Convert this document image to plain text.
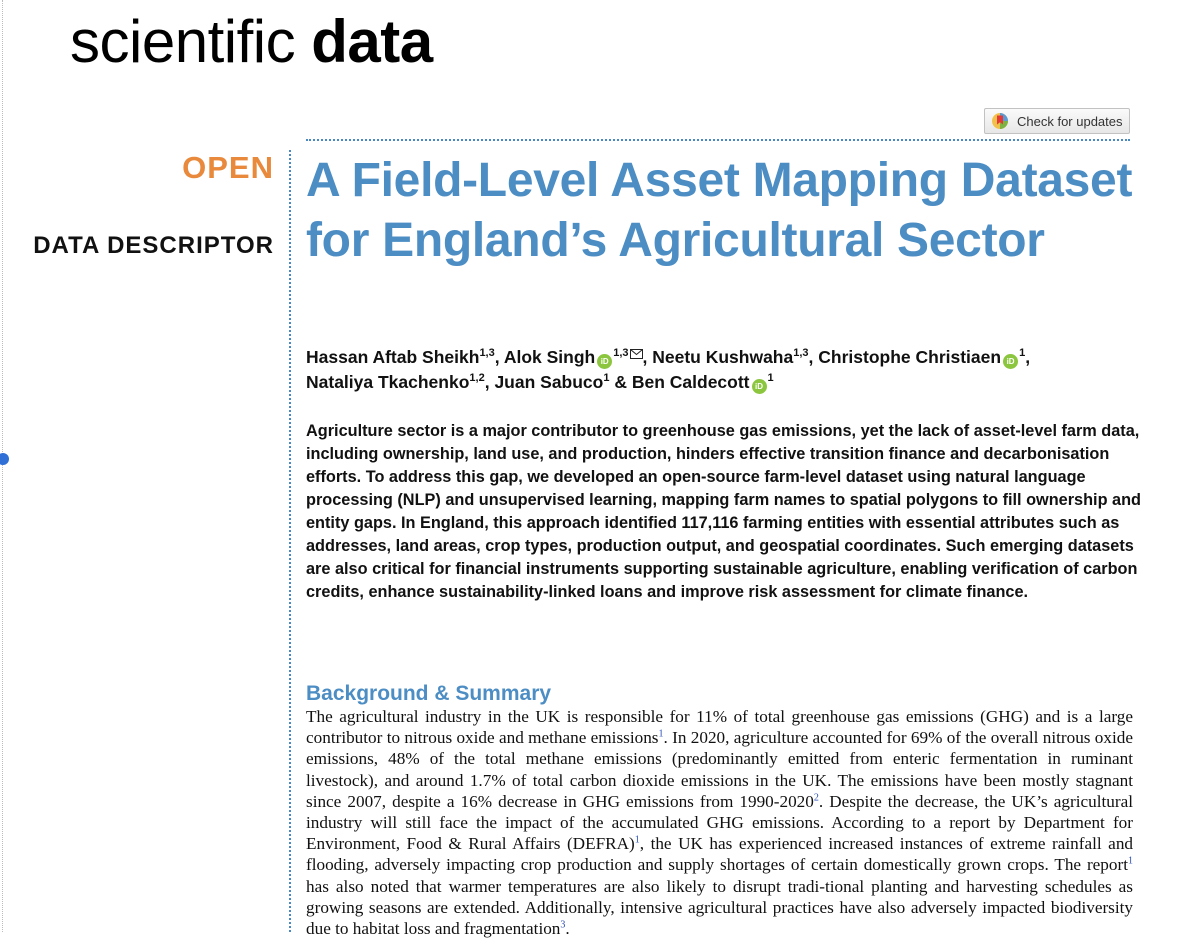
scientific data
Check for updates
OPEN
DATA DESCRIPTOR
A Field-Level Asset Mapping Dataset for England’s Agricultural Sector
Hassan Aftab Sheikh$^{1,3}$, Alok Singh iD$^{1,3}$ , Neetu Kushwaha$^{1,3}$, Christophe Christiaen $iD^1$,
Nataliya Tkachenko$^{1,2}$, Juan Sabuco$^1$ & Ben Caldecott $iD^1$

Agriculture sector is a major contributor to greenhouse gas emissions, yet the lack of asset-level farm data, including ownership, land use, and production, hinders effective transition finance and decarbonisation efforts. To address this gap, we developed an open-source farm-level dataset using natural language processing (NLP) and unsupervised learning, mapping farm names to spatial polygons to fill ownership and entity gaps. In England, this approach identified 117,116 farming entities with essential attributes such as addresses, land areas, crop types, production output, and geospatial coordinates. Such emerging datasets are also critical for financial instruments supporting sustainable agriculture, enabling verification of carbon credits, enhance sustainability-linked loans and improve risk assessment for climate finance.

Background & Summary

The agricultural industry in the UK is responsible for 11% of total greenhouse gas emissions (GHG) and is a large contributor to nitrous oxide and methane emissions$^1$. In 2020, agriculture accounted for 69% of the overall nitrous oxide emissions, 48% of the total methane emissions (predominantly emitted from enteric fermentation in ruminant livestock), and around 1.7% of total carbon dioxide emissions in the UK. The emissions have been mostly stagnant since 2007, despite a 16% decrease in GHG emissions from 1990-2020$^2$. Despite the decrease, the UK’s agricultural industry will still face the impact of the accumulated GHG emissions. According to a report by Department for Environment, Food & Rural Affairs (DEFRA)$^1$, the UK has experienced increased instances of extreme rainfall and flooding, adversely impacting crop production and supply shortages of certain domestically grown crops. The report$^1$ has also noted that warmer temperatures are also likely to disrupt tradi-tional planting and harvesting schedules as growing seasons are extended. Additionally, intensive agricultural practices have also adversely impacted biodiversity due to habitat loss and fragmentation$^3$.
